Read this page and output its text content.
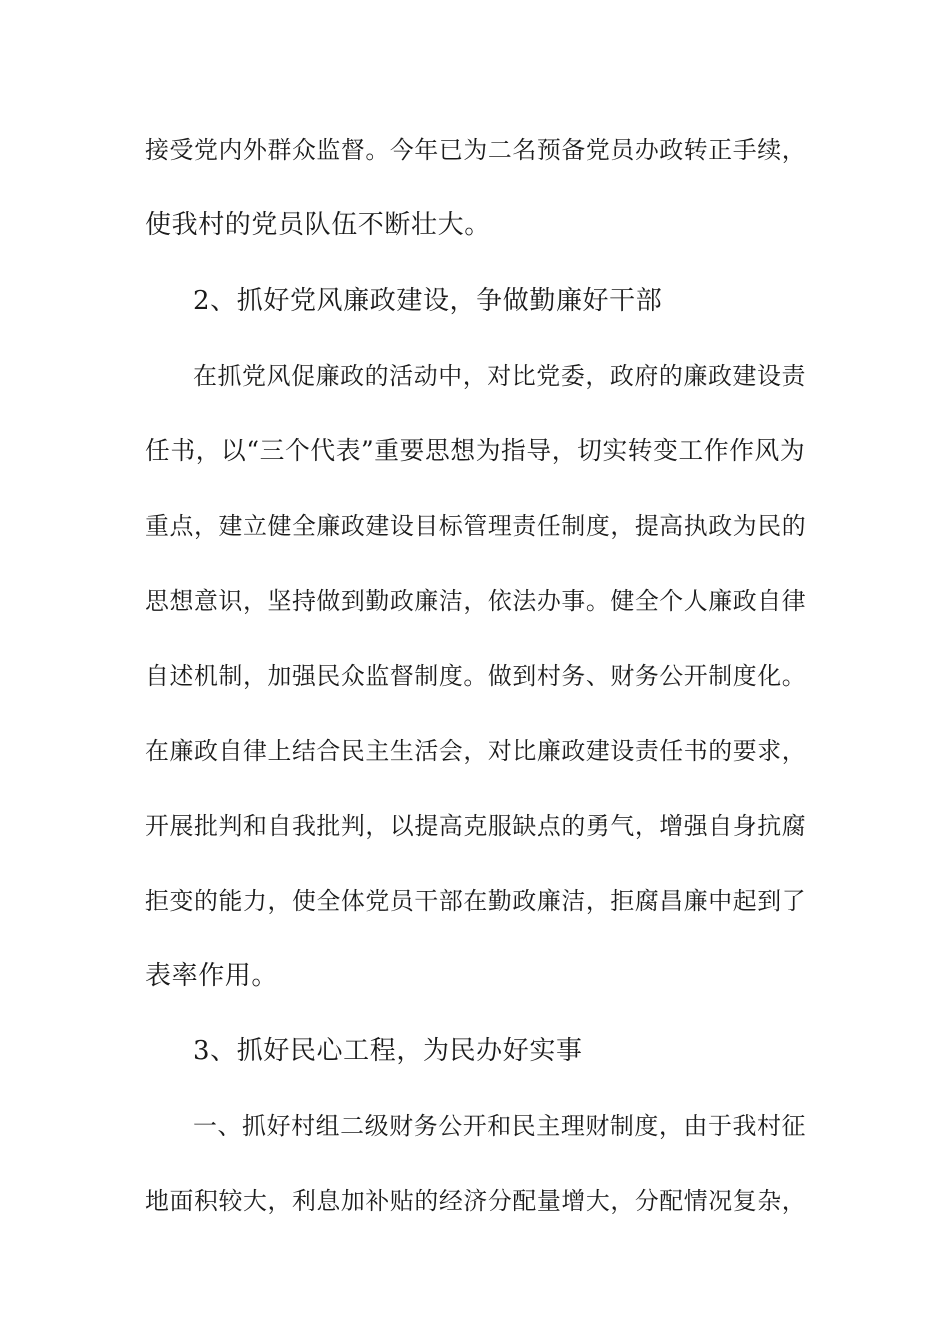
接受党内外群众监督。今年已为二名预备党员办政转正手续，
使我村的党员队伍不断壮大。
2、抓好党风廉政建设，争做勤廉好干部
在抓党风促廉政的活动中，对比党委，政府的廉政建设责
任书，以“三个代表”重要思想为指导，切实转变工作作风为
重点，建立健全廉政建设目标管理责任制度，提高执政为民的
思想意识，坚持做到勤政廉洁，依法办事。健全个人廉政自律
自述机制，加强民众监督制度。做到村务、财务公开制度化。
在廉政自律上结合民主生活会，对比廉政建设责任书的要求，
开展批判和自我批判，以提高克服缺点的勇气，增强自身抗腐
拒变的能力，使全体党员干部在勤政廉洁，拒腐昌廉中起到了
表率作用。
3、抓好民心工程，为民办好实事
一、抓好村组二级财务公开和民主理财制度，由于我村征
地面积较大，利息加补贴的经济分配量增大，分配情况复杂，
